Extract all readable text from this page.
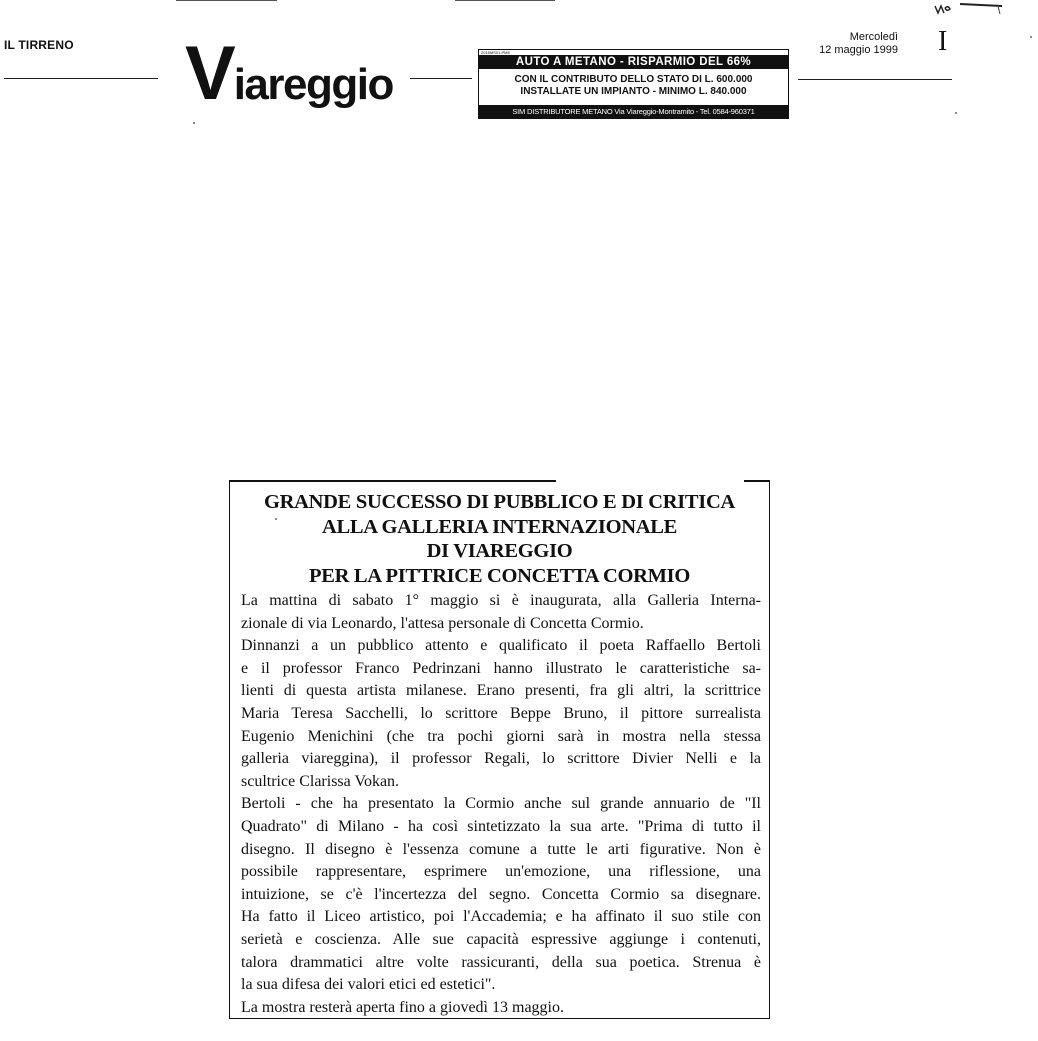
IL TIRRENO Viareggio
2016MS01.PM5
AUTO A METANO - RISPARMIO DEL 66%
CON IL CONTRIBUTO DELLO STATO DI L. 600.000
INSTALLATE UN IMPIANTO - MINIMO L. 840.000
SIM DISTRIBUTORE METANO Via Viareggio-Montramito - Tel. 0584-960371
Mercoledì
12 maggio 1999 I
GRANDE SUCCESSO DI PUBBLICO E DI CRITICA
ALLA GALLERIA INTERNAZIONALE
DI VIAREGGIO
PER LA PITTRICE CONCETTA CORMIO
La mattina di sabato 1° maggio si è inaugurata, alla Galleria Interna-
zionale di via Leonardo, l'attesa personale di Concetta Cormio.
Dinnanzi a un pubblico attento e qualificato il poeta Raffaello Bertoli
e il professor Franco Pedrinzani hanno illustrato le caratteristiche sa-
lienti di questa artista milanese. Erano presenti, fra gli altri, la scrittrice
Maria Teresa Sacchelli, lo scrittore Beppe Bruno, il pittore surrealista
Eugenio Menichini (che tra pochi giorni sarà in mostra nella stessa
galleria viareggina), il professor Regali, lo scrittore Divier Nelli e la
scultrice Clarissa Vokan.
Bertoli - che ha presentato la Cormio anche sul grande annuario de "Il
Quadrato" di Milano - ha così sintetizzato la sua arte. "Prima di tutto il
disegno. Il disegno è l'essenza comune a tutte le arti figurative. Non è
possibile rappresentare, esprimere un'emozione, una riflessione, una
intuizione, se c'è l'incertezza del segno. Concetta Cormio sa disegnare.
Ha fatto il Liceo artistico, poi l'Accademia; e ha affinato il suo stile con
serietà e coscienza. Alle sue capacità espressive aggiunge i contenuti,
talora drammatici altre volte rassicuranti, della sua poetica. Strenua è
la sua difesa dei valori etici ed estetici".
La mostra resterà aperta fino a giovedì 13 maggio.
